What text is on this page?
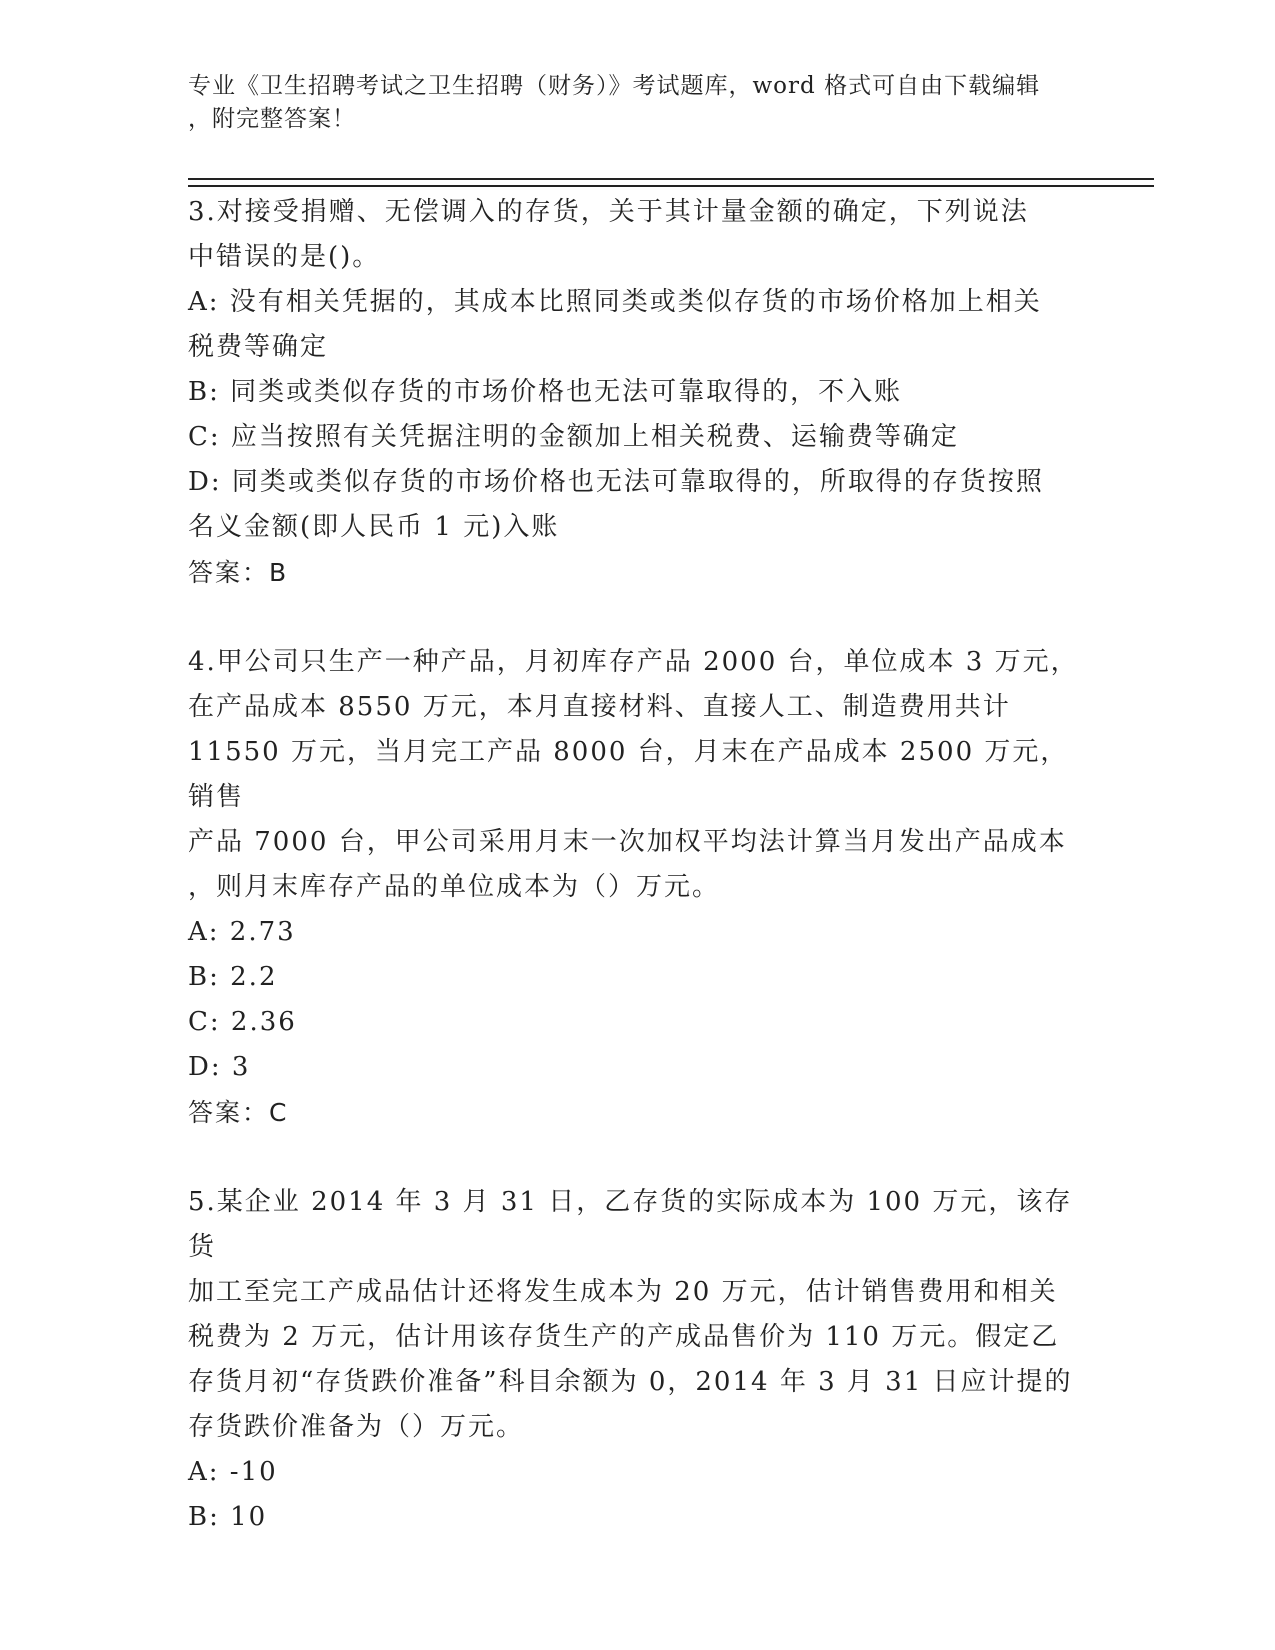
专业《卫生招聘考试之卫生招聘（财务）》考试题库，word 格式可自由下载编辑
，附完整答案！
3.对接受捐赠、无偿调入的存货，关于其计量金额的确定，下列说法
中错误的是()。
A: 没有相关凭据的，其成本比照同类或类似存货的市场价格加上相关
税费等确定
B: 同类或类似存货的市场价格也无法可靠取得的，不入账
C: 应当按照有关凭据注明的金额加上相关税费、运输费等确定
D: 同类或类似存货的市场价格也无法可靠取得的，所取得的存货按照
名义金额(即人民币 1 元)入账
答案：B
4.甲公司只生产一种产品，月初库存产品 2000 台，单位成本 3 万元，
在产品成本 8550 万元，本月直接材料、直接人工、制造费用共计
11550 万元，当月完工产品 8000 台，月末在产品成本 2500 万元，销售
产品 7000 台，甲公司采用月末一次加权平均法计算当月发出产品成本
，则月末库存产品的单位成本为（）万元。
A: 2.73
B: 2.2
C: 2.36
D: 3
答案：C
5.某企业 2014 年 3 月 31 日，乙存货的实际成本为 100 万元，该存货
加工至完工产成品估计还将发生成本为 20 万元，估计销售费用和相关
税费为 2 万元，估计用该存货生产的产成品售价为 110 万元。假定乙
存货月初“存货跌价准备”科目余额为 0，2014 年 3 月 31 日应计提的
存货跌价准备为（）万元。
A: -10
B: 10
